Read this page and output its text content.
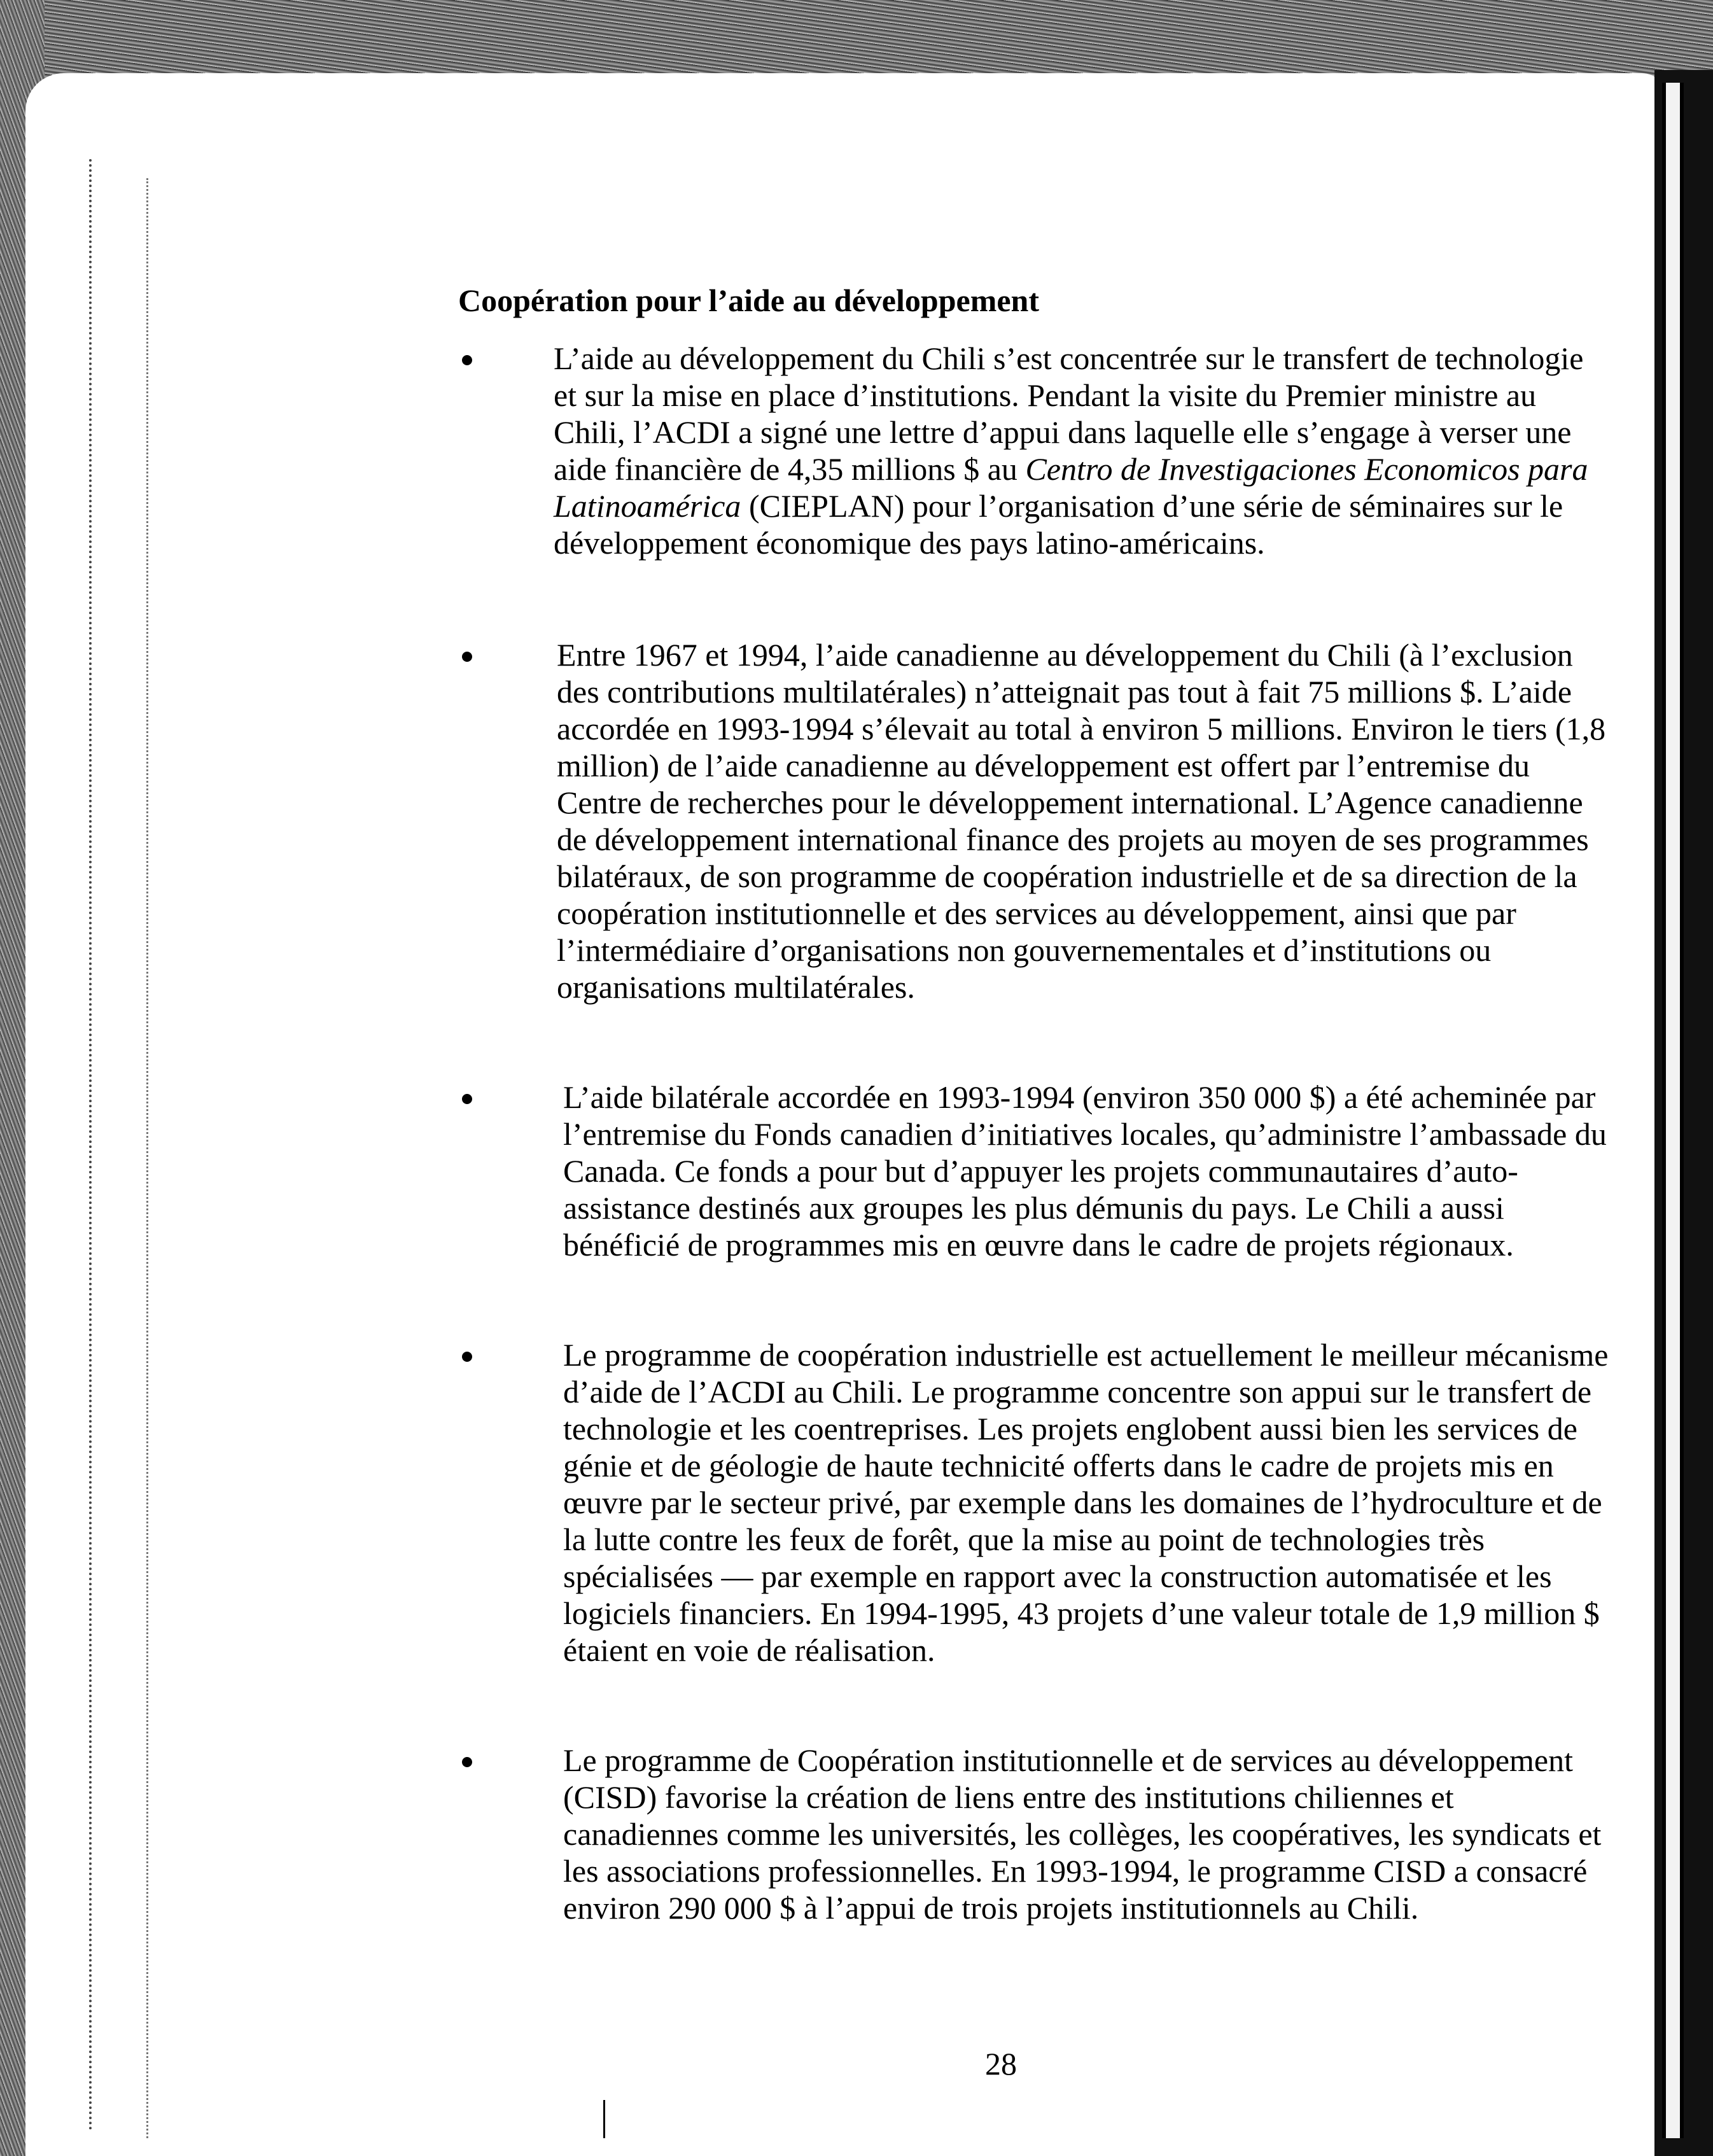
Coopération pour l’aide au développement

L’aide au développement du Chili s’est concentrée sur le transfert de technologie et sur la mise en place d’institutions. Pendant la visite du Premier ministre au Chili, l’ACDI a signé une lettre d’appui dans laquelle elle s’engage à verser une aide financière de 4,35 millions $ au Centro de Investigaciones Economicos para Latinoamérica (CIEPLAN) pour l’organisation d’une série de séminaires sur le développement économique des pays latino-américains.

Entre 1967 et 1994, l’aide canadienne au développement du Chili (à l’exclusion des contributions multilatérales) n’atteignait pas tout à fait 75 millions $. L’aide accordée en 1993-1994 s’élevait au total à environ 5 millions. Environ le tiers (1,8 million) de l’aide canadienne au développement est offert par l’entremise du Centre de recherches pour le développement international. L’Agence canadienne de développement international finance des projets au moyen de ses programmes bilatéraux, de son programme de coopération industrielle et de sa direction de la coopération institutionnelle et des services au développement, ainsi que par l’intermédiaire d’organisations non gouvernementales et d’institutions ou organisations multilatérales.

L’aide bilatérale accordée en 1993-1994 (environ 350 000 $) a été acheminée par l’entremise du Fonds canadien d’initiatives locales, qu’administre l’ambassade du Canada. Ce fonds a pour but d’appuyer les projets communautaires d’auto-assistance destinés aux groupes les plus démunis du pays. Le Chili a aussi bénéficié de programmes mis en œuvre dans le cadre de projets régionaux.

Le programme de coopération industrielle est actuellement le meilleur mécanisme d’aide de l’ACDI au Chili. Le programme concentre son appui sur le transfert de technologie et les coentreprises. Les projets englobent aussi bien les services de génie et de géologie de haute technicité offerts dans le cadre de projets mis en œuvre par le secteur privé, par exemple dans les domaines de l’hydroculture et de la lutte contre les feux de forêt, que la mise au point de technologies très spécialisées — par exemple en rapport avec la construction automatisée et les logiciels financiers. En 1994-1995, 43 projets d’une valeur totale de 1,9 million $ étaient en voie de réalisation.

Le programme de Coopération institutionnelle et de services au développement (CISD) favorise la création de liens entre des institutions chiliennes et canadiennes comme les universités, les collèges, les coopératives, les syndicats et les associations professionnelles. En 1993-1994, le programme CISD a consacré environ 290 000 $ à l’appui de trois projets institutionnels au Chili.

28
